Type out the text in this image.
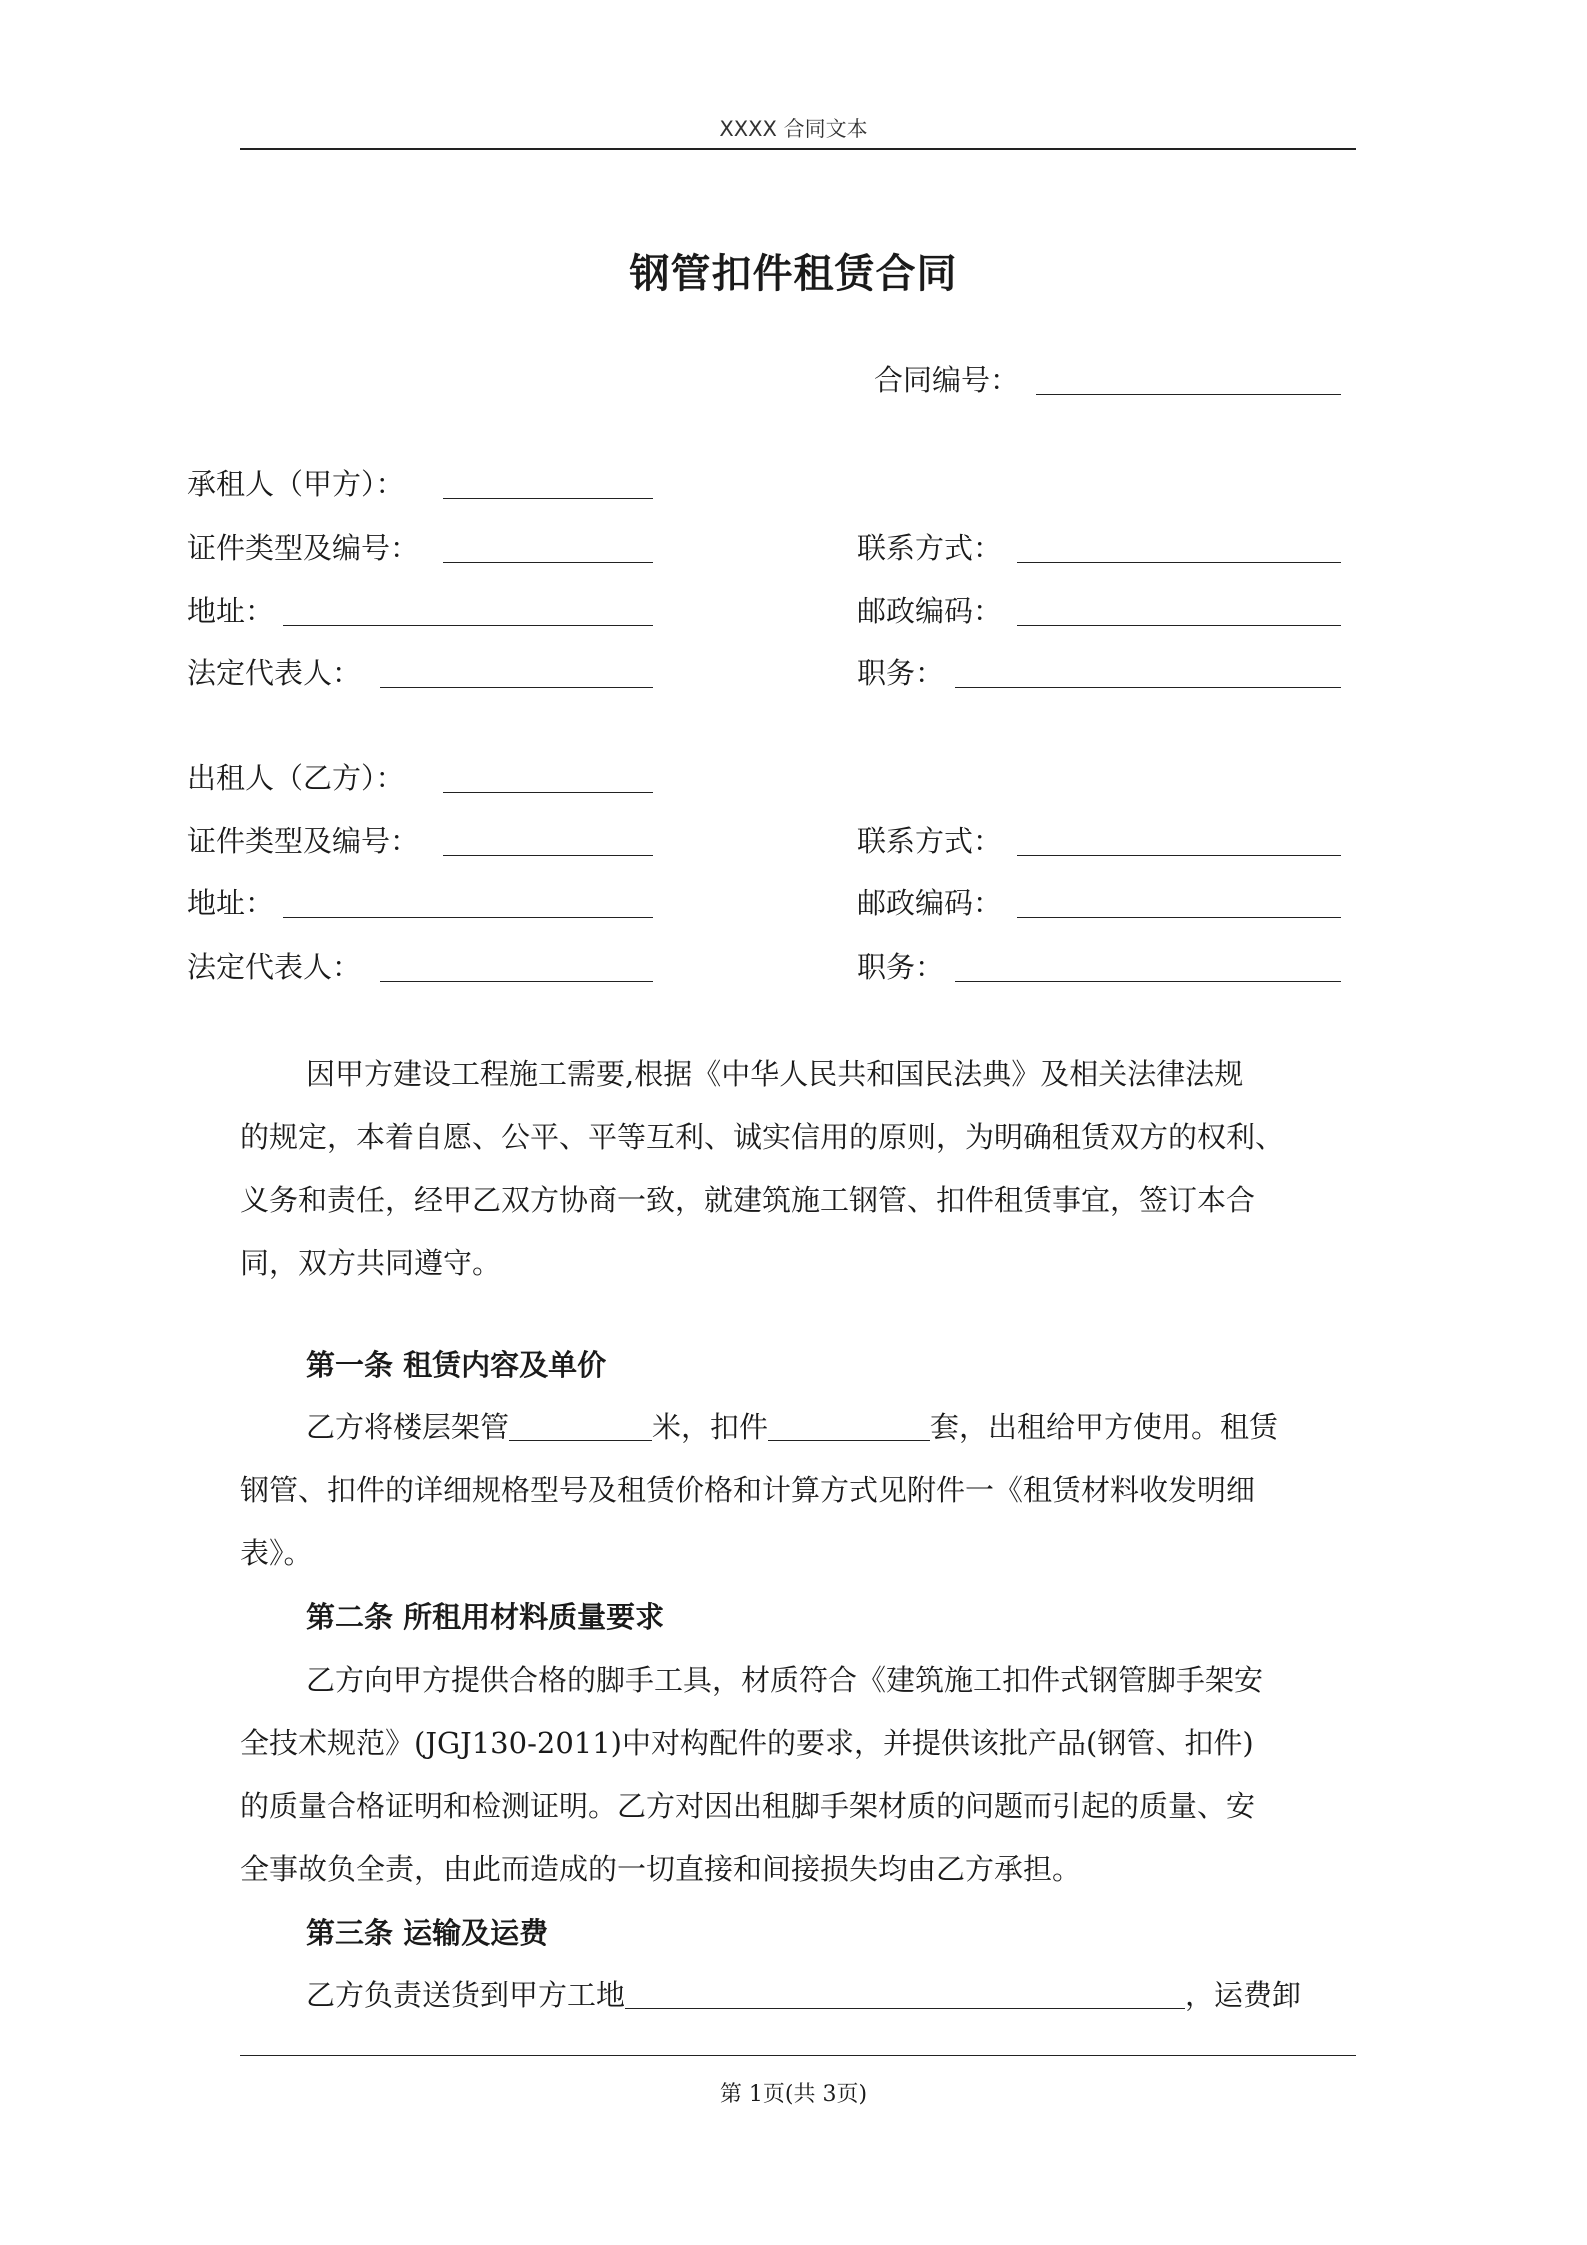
XXXX 合同文本
钢管扣件租赁合同
合同编号：
承租人（甲方）：
证件类型及编号：	联系方式：
地址：	邮政编码：
法定代表人：	职务：
出租人（乙方）：
证件类型及编号：	联系方式：
地址：	邮政编码：
法定代表人：	职务：
因甲方建设工程施工需要,根据《中华人民共和国民法典》及相关法律法规
的规定，本着自愿、公平、平等互利、诚实信用的原则，为明确租赁双方的权利、
义务和责任，经甲乙双方协商一致，就建筑施工钢管、扣件租赁事宜，签订本合
同，双方共同遵守。
第一条 租赁内容及单价
乙方将楼层架管	米，扣件	套，出租给甲方使用。租赁
钢管、扣件的详细规格型号及租赁价格和计算方式见附件一《租赁材料收发明细
表》。
第二条 所租用材料质量要求
乙方向甲方提供合格的脚手工具，材质符合《建筑施工扣件式钢管脚手架安
全技术规范》(JGJ130-2011)中对构配件的要求，并提供该批产品(钢管、扣件)
的质量合格证明和检测证明。乙方对因出租脚手架材质的问题而引起的质量、安
全事故负全责，由此而造成的一切直接和间接损失均由乙方承担。
第三条 运输及运费
乙方负责送货到甲方工地	，运费卸
第 1页(共 3页)
